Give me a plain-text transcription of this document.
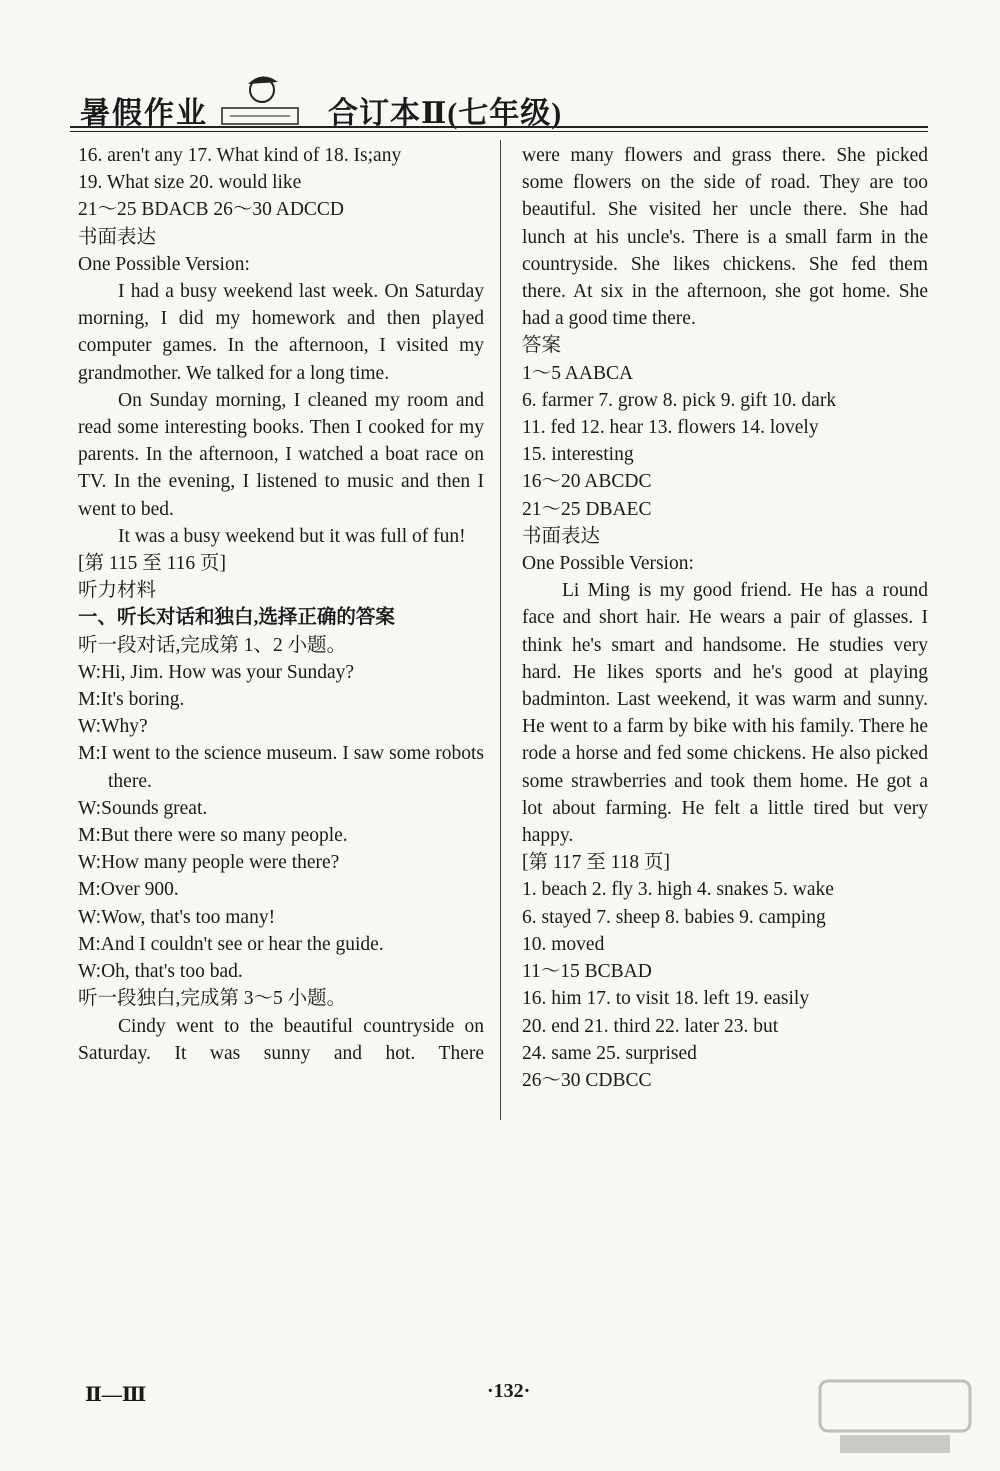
暑假作业	合订本Ⅱ(七年级)
16. aren't any 17. What kind of 18. Is;any
19. What size 20. would like
21～25 BDACB 26～30 ADCCD
书面表达
One Possible Version:
I had a busy weekend last week. On Saturday morning, I did my homework and then played computer games. In the afternoon, I visited my grandmother. We talked for a long time.
On Sunday morning, I cleaned my room and read some interesting books. Then I cooked for my parents. In the afternoon, I watched a boat race on TV. In the evening, I listened to music and then I went to bed.
It was a busy weekend but it was full of fun!
[第 115 至 116 页]
听力材料
一、听长对话和独白,选择正确的答案
听一段对话,完成第 1、2 小题。
W:Hi, Jim. How was your Sunday?
M:It's boring.
W:Why?
M:I went to the science museum. I saw some robots there.
W:Sounds great.
M:But there were so many people.
W:How many people were there?
M:Over 900.
W:Wow, that's too many!
M:And I couldn't see or hear the guide.
W:Oh, that's too bad.
听一段独白,完成第 3～5 小题。
Cindy went to the beautiful countryside on Saturday. It was sunny and hot. There
were many flowers and grass there. She picked some flowers on the side of road. They are too beautiful. She visited her uncle there. She had lunch at his uncle's. There is a small farm in the countryside. She likes chickens. She fed them there. At six in the afternoon, she got home. She had a good time there.
答案
1～5 AABCA
6. farmer 7. grow 8. pick 9. gift 10. dark
11. fed 12. hear 13. flowers 14. lovely
15. interesting
16～20 ABCDC
21～25 DBAEC
书面表达
One Possible Version:
Li Ming is my good friend. He has a round face and short hair. He wears a pair of glasses. I think he's smart and handsome. He studies very hard. He likes sports and he's good at playing badminton. Last weekend, it was warm and sunny. He went to a farm by bike with his family. There he rode a horse and fed some chickens. He also picked some strawberries and took them home. He got a lot about farming. He felt a little tired but very happy.
[第 117 至 118 页]
1. beach 2. fly 3. high 4. snakes 5. wake
6. stayed 7. sheep 8. babies 9. camping
10. moved
11～15 BCBAD
16. him 17. to visit 18. left 19. easily
20. end 21. third 22. later 23. but
24. same 25. surprised
26～30 CDBCC
Ⅱ—Ⅲ	·132·
